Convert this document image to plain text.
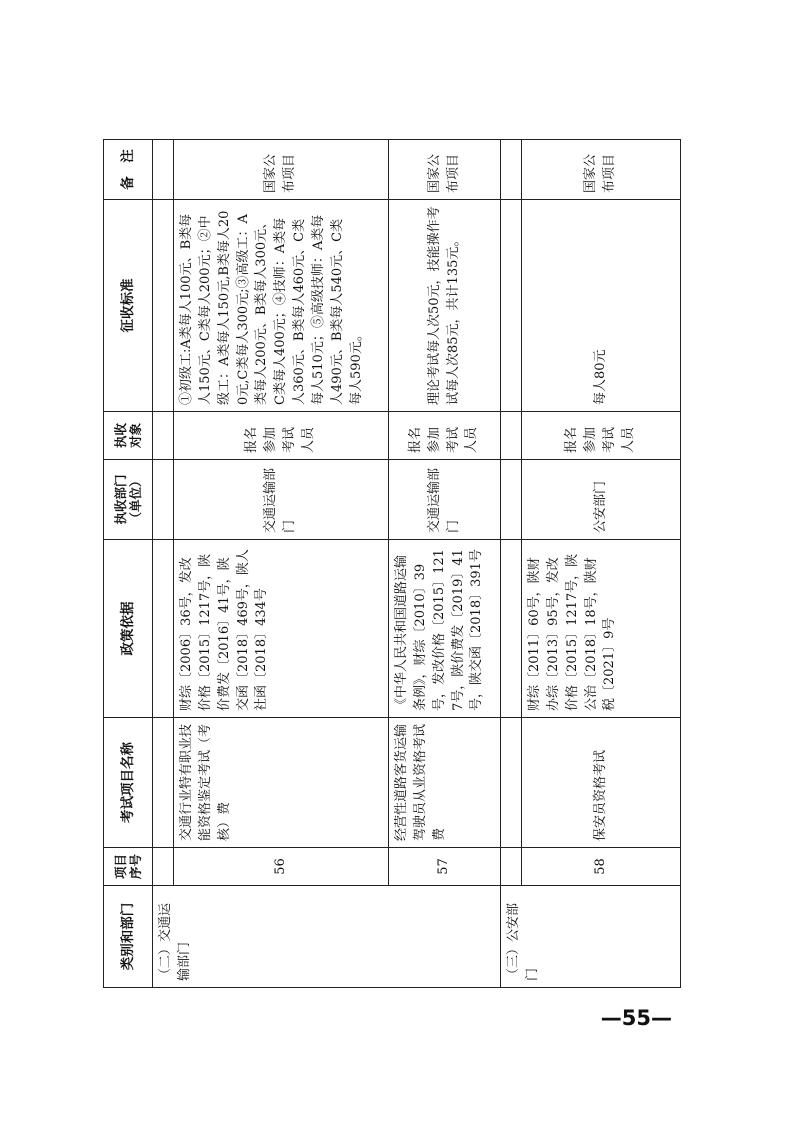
类别和部门	项目序号	考试项目名称	政策依据	执收部门（单位）	执收对象	征收标准	备　注
（二）交通运输部门							
	56	交通行业特有职业技能资格鉴定考试（考核）费	财综〔2006〕36号，发改价格〔2015〕1217号，陕价费发〔2016〕41号，陕交函〔2018〕469号，陕人社函〔2018〕434号	交通运输部门	报名参加考试人员	①初级工:A类每人100元、B类每人150元、C类每人200元；②中级工：A类每人150元,B类每人200元,C类每人300元;③高级工：A类每人200元、B类每人300元、C类每人400元；④技师：A类每人360元、B类每人460元、C类每人510元；⑤高级技师：A类每人490元、B类每人540元、C类每人590元。	国家公布项目
	57	经营性道路客货运输驾驶员从业资格考试费	《中华人民共和国道路运输条例》，财综〔2010〕39号，发改价格〔2015〕1217号，陕价费发〔2019〕41号，陕交函〔2018〕391号	交通运输部门	报名参加考试人员	理论考试每人次50元，技能操作考试每人次85元，共计135元。	国家公布项目
（三）公安部门							
	58	保安员资格考试	财综〔2011〕60号，陕财办综〔2013〕95号，发改价格〔2015〕1217号，陕公治〔2018〕18号，陕财税〔2021〕9号	公安部门	报名参加考试人员	每人80元	国家公布项目
—55—
